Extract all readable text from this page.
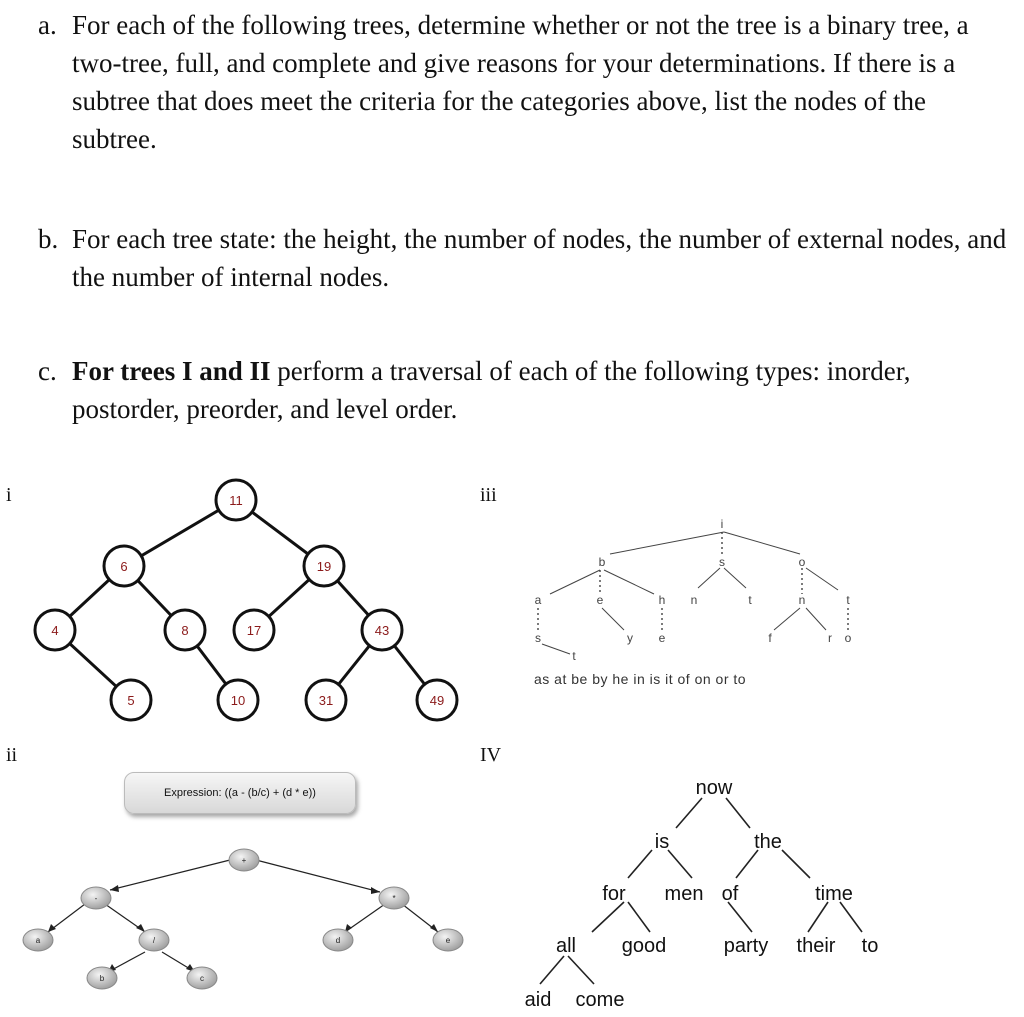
a. For each of the following trees, determine whether or not the tree is a binary tree, a two-tree, full, and complete and give reasons for your determinations. If there is a subtree that does meet the criteria for the categories above, list the nodes of the subtree.
b. For each tree state: the height, the number of nodes, the number of external nodes, and the number of internal nodes.
c. For trees I and II perform a traversal of each of the following types: inorder, postorder, preorder, and level order.
i	iii
ii	IV
11
6	19
4	8	17	43
5	10	31	49
i
b	s	o
a	e	h n	t	n	t
s	y e	f	r o
t
as at be by he in is it of on or to
Expression: ((a - (b/c) + (d * e))
+
-	*
a	/	d	e
b	c
now
is	the
for men of	time
all good	party their to
aid come
